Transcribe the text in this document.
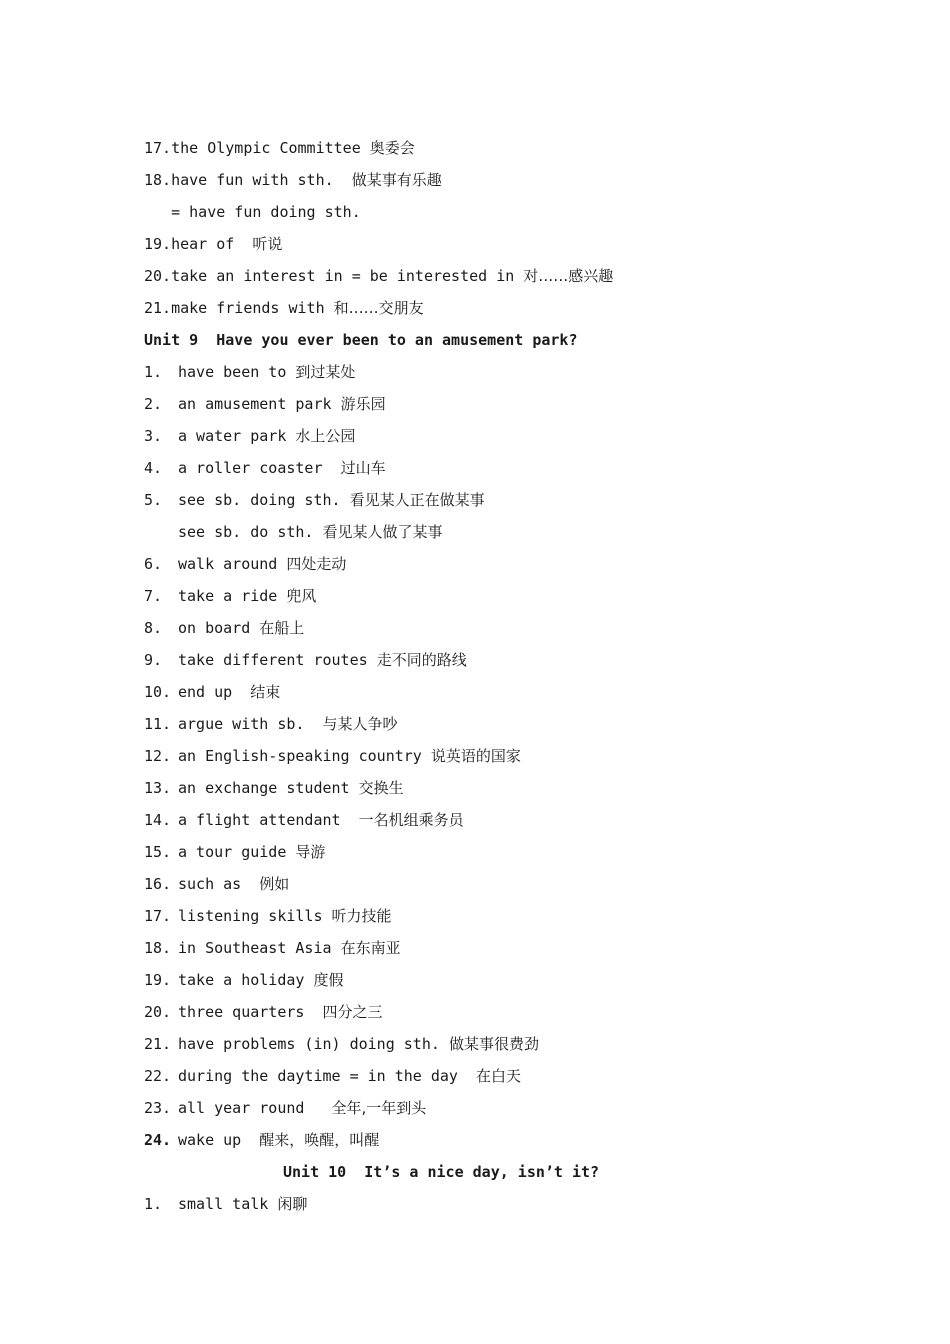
17.the Olympic Committee 奥委会
18.have fun with sth.  做某事有乐趣
= have fun doing sth.
19.hear of  听说
20.take an interest in = be interested in 对……感兴趣
21.make friends with 和……交朋友
Unit 9  Have you ever been to an amusement park?
1. have been to 到过某处
2. an amusement park 游乐园
3. a water park 水上公园
4. a roller coaster  过山车
5. see sb. doing sth. 看见某人正在做某事
see sb. do sth. 看见某人做了某事
6. walk around 四处走动
7. take a ride 兜风
8. on board 在船上
9. take different routes 走不同的路线
10. end up  结束
11. argue with sb.  与某人争吵
12. an English-speaking country 说英语的国家
13. an exchange student 交换生
14. a flight attendant  一名机组乘务员
15. a tour guide 导游
16. such as  例如
17. listening skills 听力技能
18. in Southeast Asia 在东南亚
19. take a holiday 度假
20. three quarters  四分之三
21. have problems (in) doing sth. 做某事很费劲
22. during the daytime = in the day  在白天
23. all year round   全年,一年到头
24. wake up  醒来，唤醒，叫醒
Unit 10  It’s a nice day, isn’t it?
1. small talk 闲聊
